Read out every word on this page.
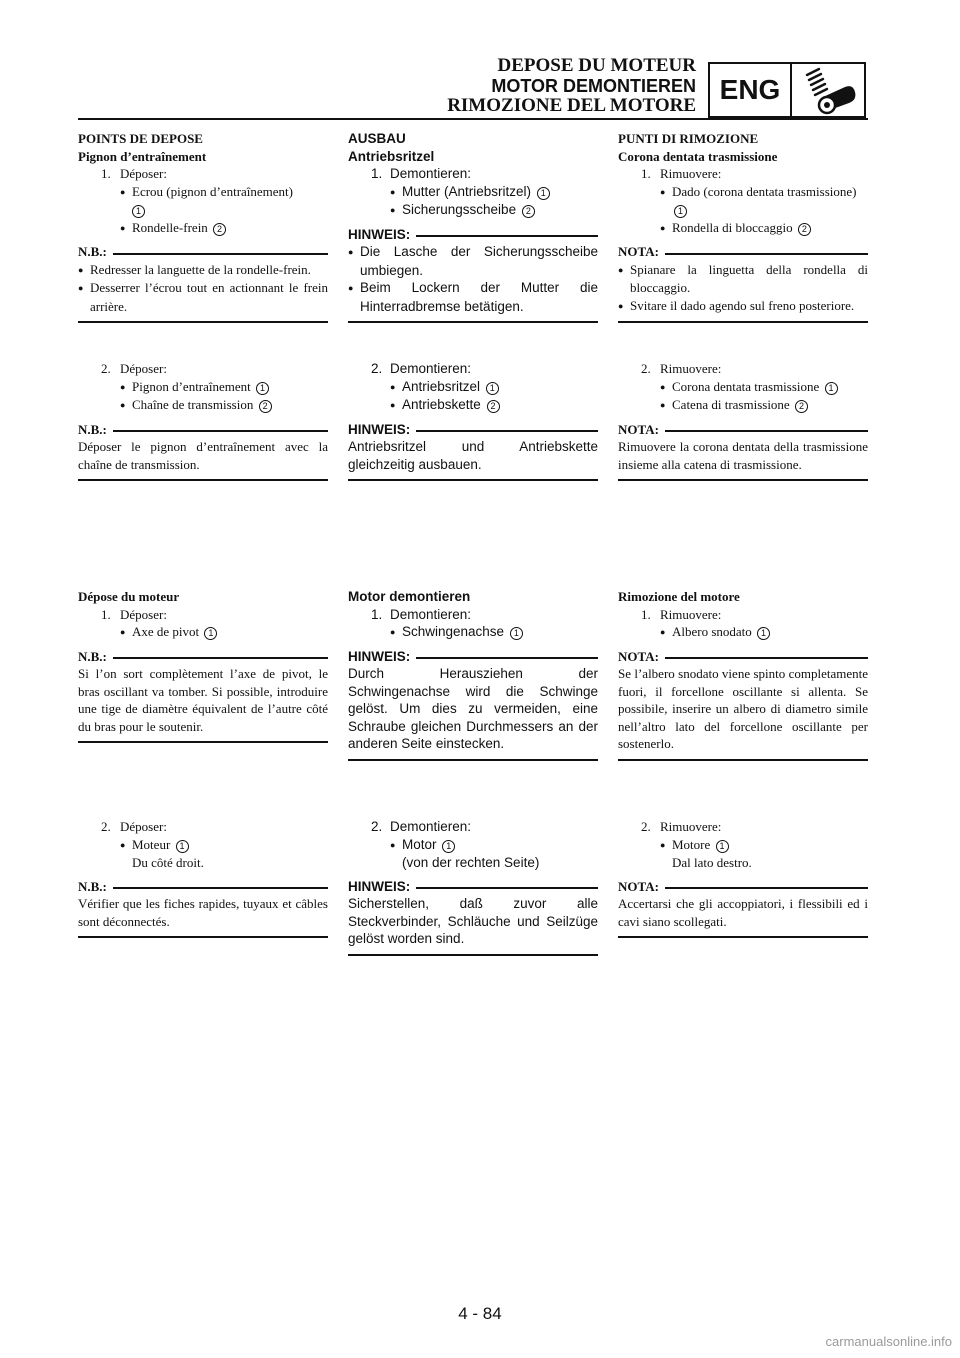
DEPOSE DU MOTEUR
MOTOR DEMONTIEREN
RIMOZIONE DEL MOTORE
ENG
POINTS DE DEPOSE
Pignon d’entraînement
1. Déposer:
● Ecrou (pignon d’entraînement)
1
● Rondelle-frein 2
N.B.:
● Redresser la languette de la rondelle-frein.
● Desserrer l’écrou tout en actionnant le frein arrière.
2. Déposer:
● Pignon d’entraînement 1
● Chaîne de transmission 2
N.B.:
Déposer le pignon d’entraînement avec la chaîne de transmission.
Dépose du moteur
1. Déposer:
● Axe de pivot 1
N.B.:
Si l’on sort complètement l’axe de pivot, le bras oscillant va tomber. Si possible, introduire une tige de diamètre équivalent de l’autre côté du bras pour le soutenir.
2. Déposer:
● Moteur 1
Du côté droit.
N.B.:
Vérifier que les fiches rapides, tuyaux et câbles sont déconnectés.
AUSBAU
Antriebsritzel
1. Demontieren:
● Mutter (Antriebsritzel) 1
● Sicherungsscheibe 2
HINWEIS:
● Die Lasche der Sicherungsscheibe umbiegen.
● Beim Lockern der Mutter die Hinterradbremse betätigen.
2. Demontieren:
● Antriebsritzel 1
● Antriebskette 2
HINWEIS:
Antriebsritzel und Antriebskette gleichzeitig ausbauen.
Motor demontieren
1. Demontieren:
● Schwingenachse 1
HINWEIS:
Durch Herausziehen der Schwingenachse wird die Schwinge gelöst. Um dies zu vermeiden, eine Schraube gleichen Durchmessers an der anderen Seite einstecken.
2. Demontieren:
● Motor 1
(von der rechten Seite)
HINWEIS:
Sicherstellen, daß zuvor alle Steckverbinder, Schläuche und Seilzüge gelöst worden sind.
PUNTI DI RIMOZIONE
Corona dentata trasmissione
1. Rimuovere:
● Dado (corona dentata trasmissione) 1
● Rondella di bloccaggio 2
NOTA:
● Spianare la linguetta della rondella di bloccaggio.
● Svitare il dado agendo sul freno posteriore.
2. Rimuovere:
● Corona dentata trasmissione 1
● Catena di trasmissione 2
NOTA:
Rimuovere la corona dentata della trasmissione insieme alla catena di trasmissione.
Rimozione del motore
1. Rimuovere:
● Albero snodato 1
NOTA:
Se l’albero snodato viene spinto completamente fuori, il forcellone oscillante si allenta. Se possibile, inserire un albero di diametro simile nell’altro lato del forcellone oscillante per sostenerlo.
2. Rimuovere:
● Motore 1
Dal lato destro.
NOTA:
Accertarsi che gli accoppiatori, i flessibili ed i cavi siano scollegati.
4 - 84
carmanualsonline.info
